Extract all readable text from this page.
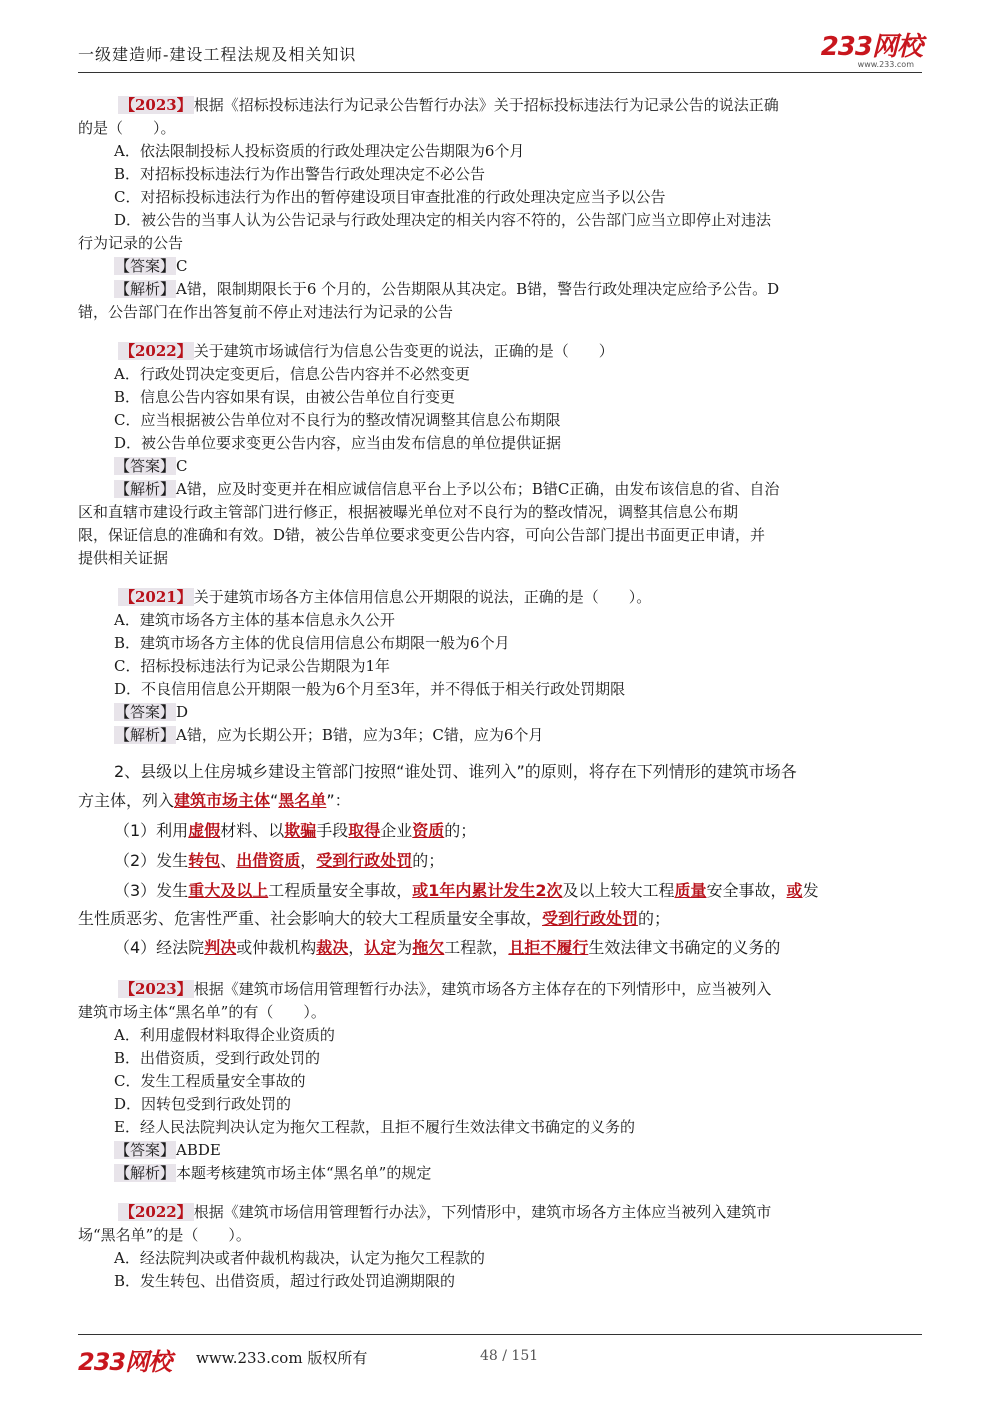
一级建造师-建设工程法规及相关知识	233网校
www.233.com
【2023】 根据《招标投标违法行为记录公告暂行办法》关于招标投标违法行为记录公告的说法正确
的是（　　）。
A．依法限制投标人投标资质的行政处理决定公告期限为6个月
B．对招标投标违法行为作出警告行政处理决定不必公告
C．对招标投标违法行为作出的暂停建设项目审查批准的行政处理决定应当予以公告
D．被公告的当事人认为公告记录与行政处理决定的相关内容不符的，公告部门应当立即停止对违法
行为记录的公告
【答案】C
【解析】A错，限制期限长于6 个月的，公告期限从其决定。B错，警告行政处理决定应给予公告。D
错，公告部门在作出答复前不停止对违法行为记录的公告
【2022】 关于建筑市场诚信行为信息公告变更的说法，正确的是（　　）
A．行政处罚决定变更后，信息公告内容并不必然变更
B．信息公告内容如果有误，由被公告单位自行变更
C．应当根据被公告单位对不良行为的整改情况调整其信息公布期限
D．被公告单位要求变更公告内容，应当由发布信息的单位提供证据
【答案】C
【解析】A错，应及时变更并在相应诚信信息平台上予以公布；B错C正确，由发布该信息的省、自治
区和直辖市建设行政主管部门进行修正，根据被曝光单位对不良行为的整改情况，调整其信息公布期
限，保证信息的准确和有效。D错，被公告单位要求变更公告内容，可向公告部门提出书面更正申请，并
提供相关证据
【2021】 关于建筑市场各方主体信用信息公开期限的说法，正确的是（　　）。
A．建筑市场各方主体的基本信息永久公开
B．建筑市场各方主体的优良信用信息公布期限一般为6个月
C．招标投标违法行为记录公告期限为1年
D．不良信用信息公开期限一般为6个月至3年，并不得低于相关行政处罚期限
【答案】D
【解析】A错，应为长期公开；B错，应为3年；C错，应为6个月
2、县级以上住房城乡建设主管部门按照“谁处罚、谁列入”的原则，将存在下列情形的建筑市场各
方主体，列入建筑市场主体“黑名单”：
（1）利用虚假材料、以欺骗手段取得企业资质的；
（2）发生转包、出借资质，受到行政处罚的；
（3）发生重大及以上工程质量安全事故，或1年内累计发生2次及以上较大工程质量安全事故，或发
生性质恶劣、危害性严重、社会影响大的较大工程质量安全事故，受到行政处罚的；
（4）经法院判决或仲裁机构裁决，认定为拖欠工程款，且拒不履行生效法律文书确定的义务的
【2023】 根据《建筑市场信用管理暂行办法》，建筑市场各方主体存在的下列情形中，应当被列入
建筑市场主体“黑名单”的有（　　）。
A．利用虚假材料取得企业资质的
B．出借资质，受到行政处罚的
C．发生工程质量安全事故的
D．因转包受到行政处罚的
E．经人民法院判决认定为拖欠工程款，且拒不履行生效法律文书确定的义务的
【答案】ABDE
【解析】本题考核建筑市场主体“黑名单”的规定
【2022】 根据《建筑市场信用管理暂行办法》，下列情形中，建筑市场各方主体应当被列入建筑市
场“黑名单”的是（　　）。
A．经法院判决或者仲裁机构裁决，认定为拖欠工程款的
B．发生转包、出借资质，超过行政处罚追溯期限的
233网校 www.233.com 版权所有	48 / 151
